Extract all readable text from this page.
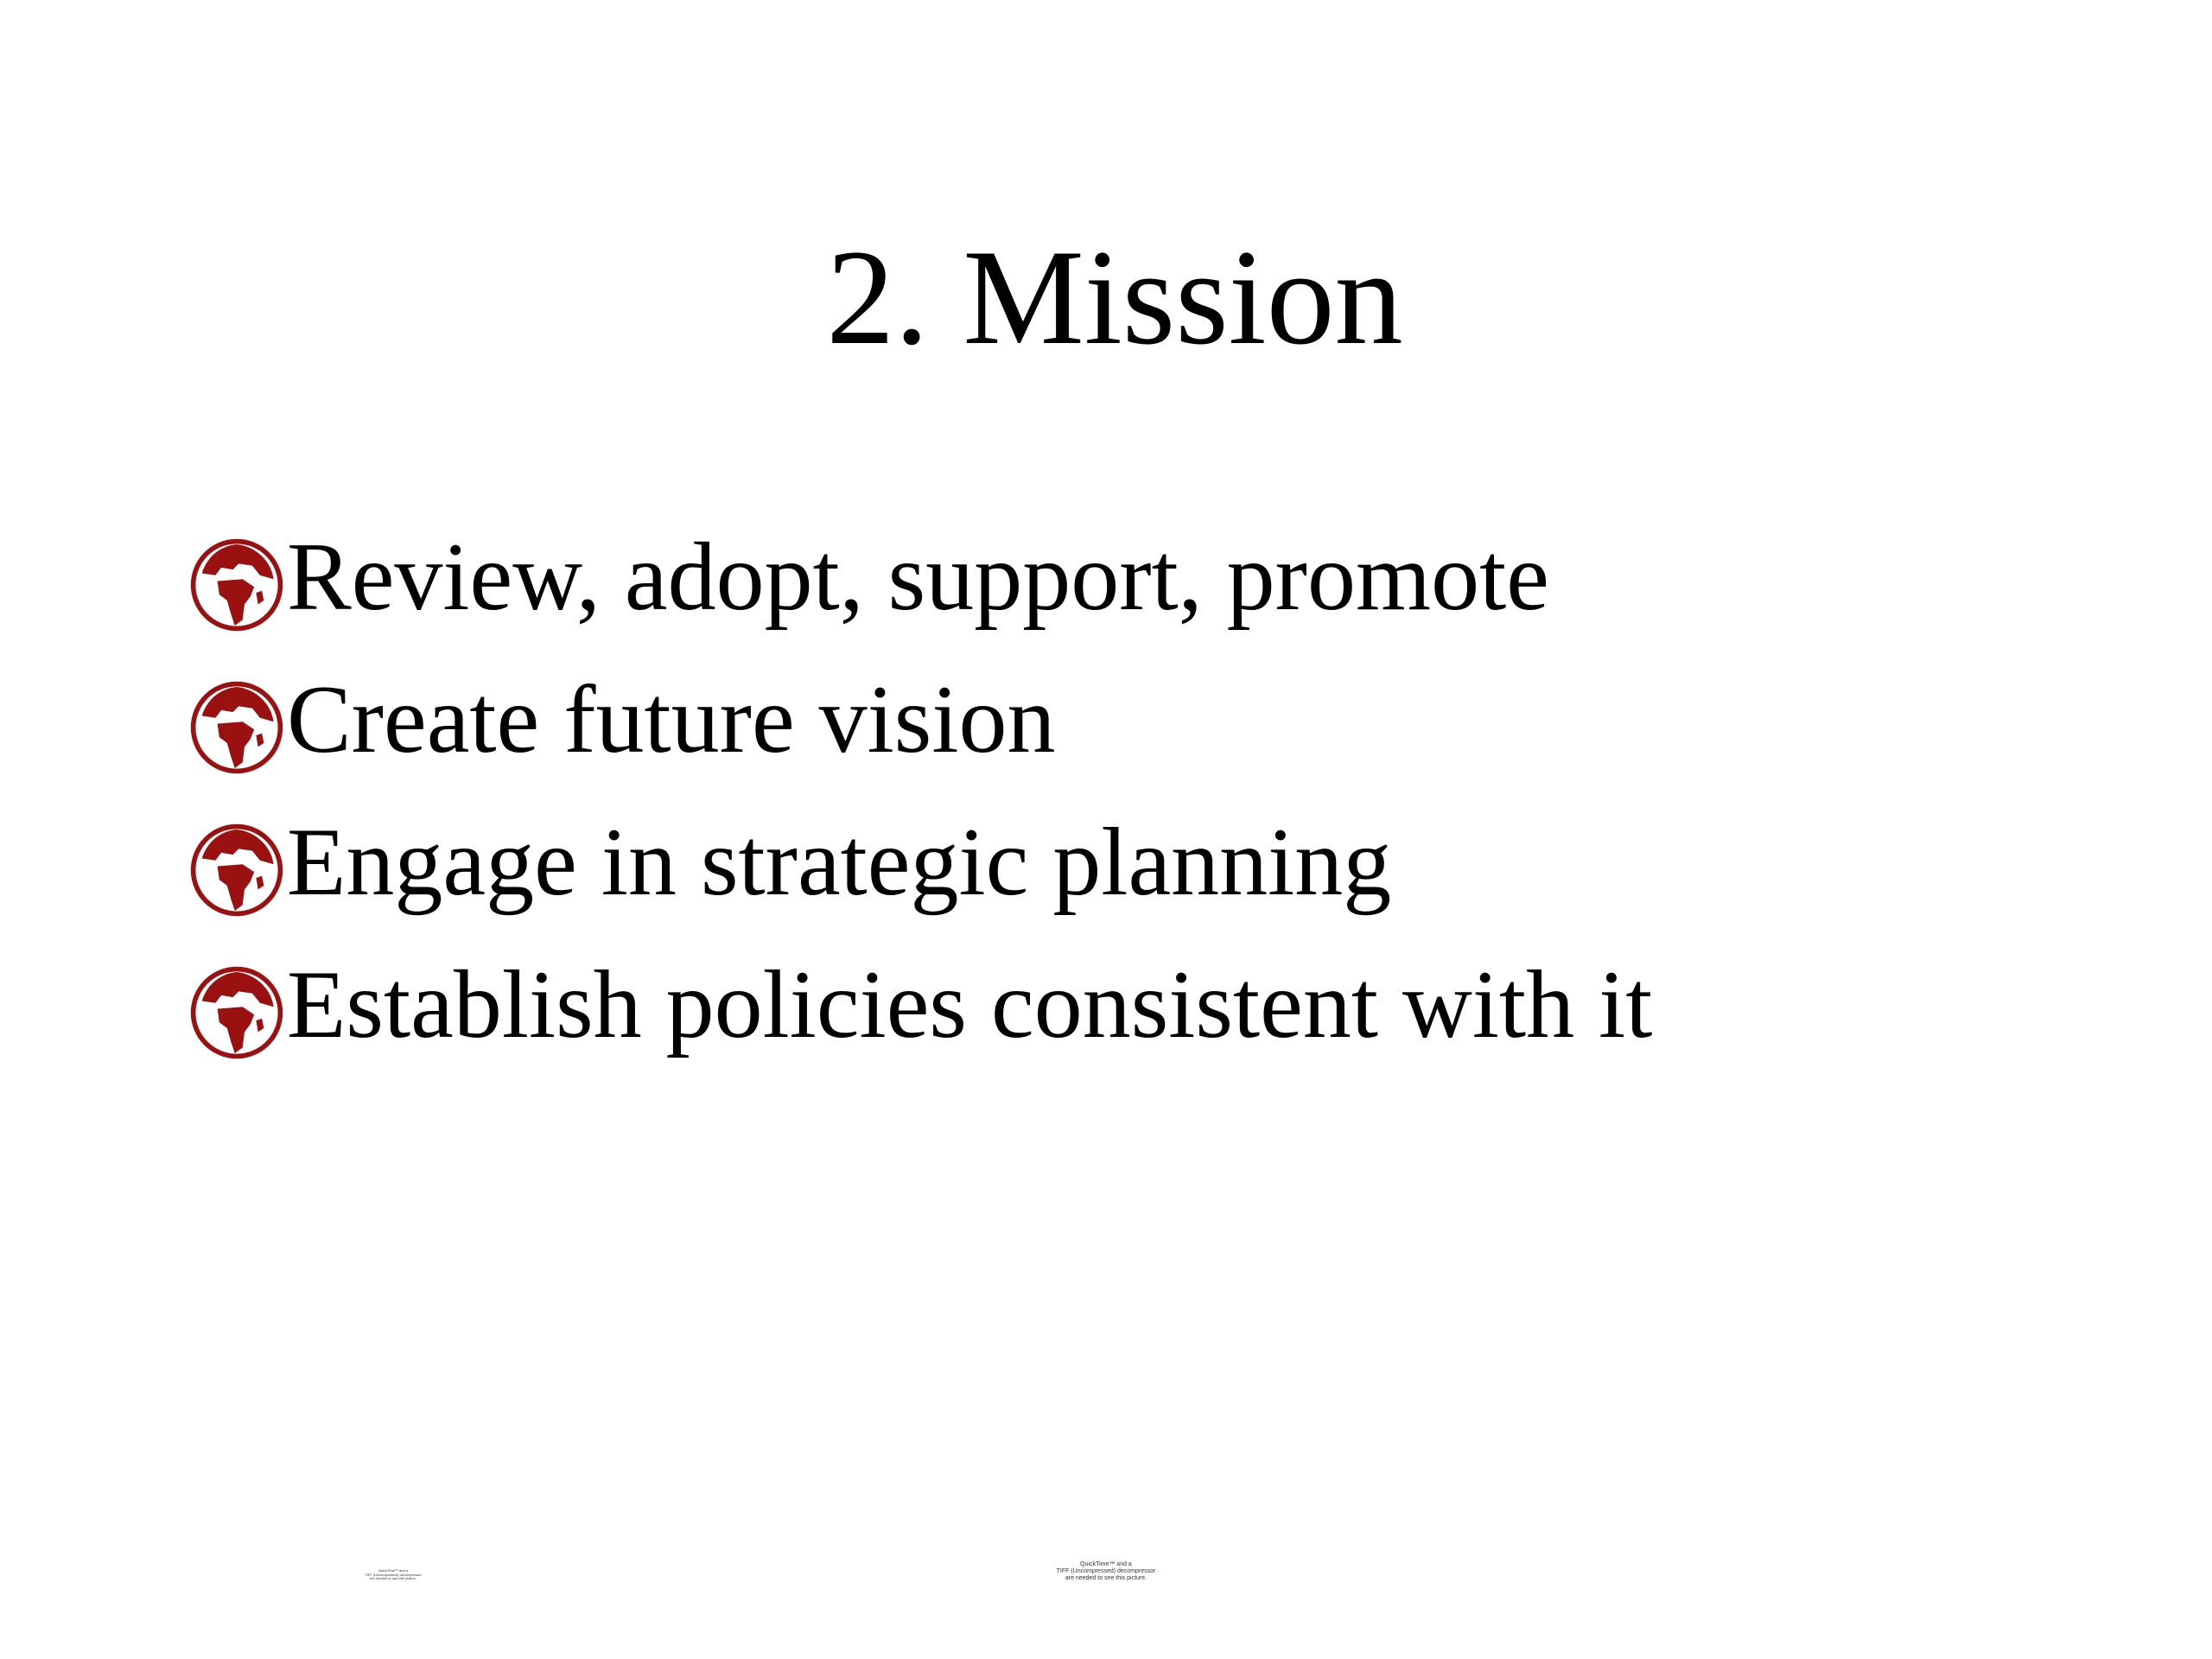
2. Mission
Review, adopt, support, promote
Create future vision
Engage in strategic planning
Establish policies consistent with it
QuickTime™ and a
TIFF (Uncompressed) decompressor
are needed to see this picture.
QuickTime™ and a
TIFF (Uncompressed) decompressor
are needed to see this picture.
